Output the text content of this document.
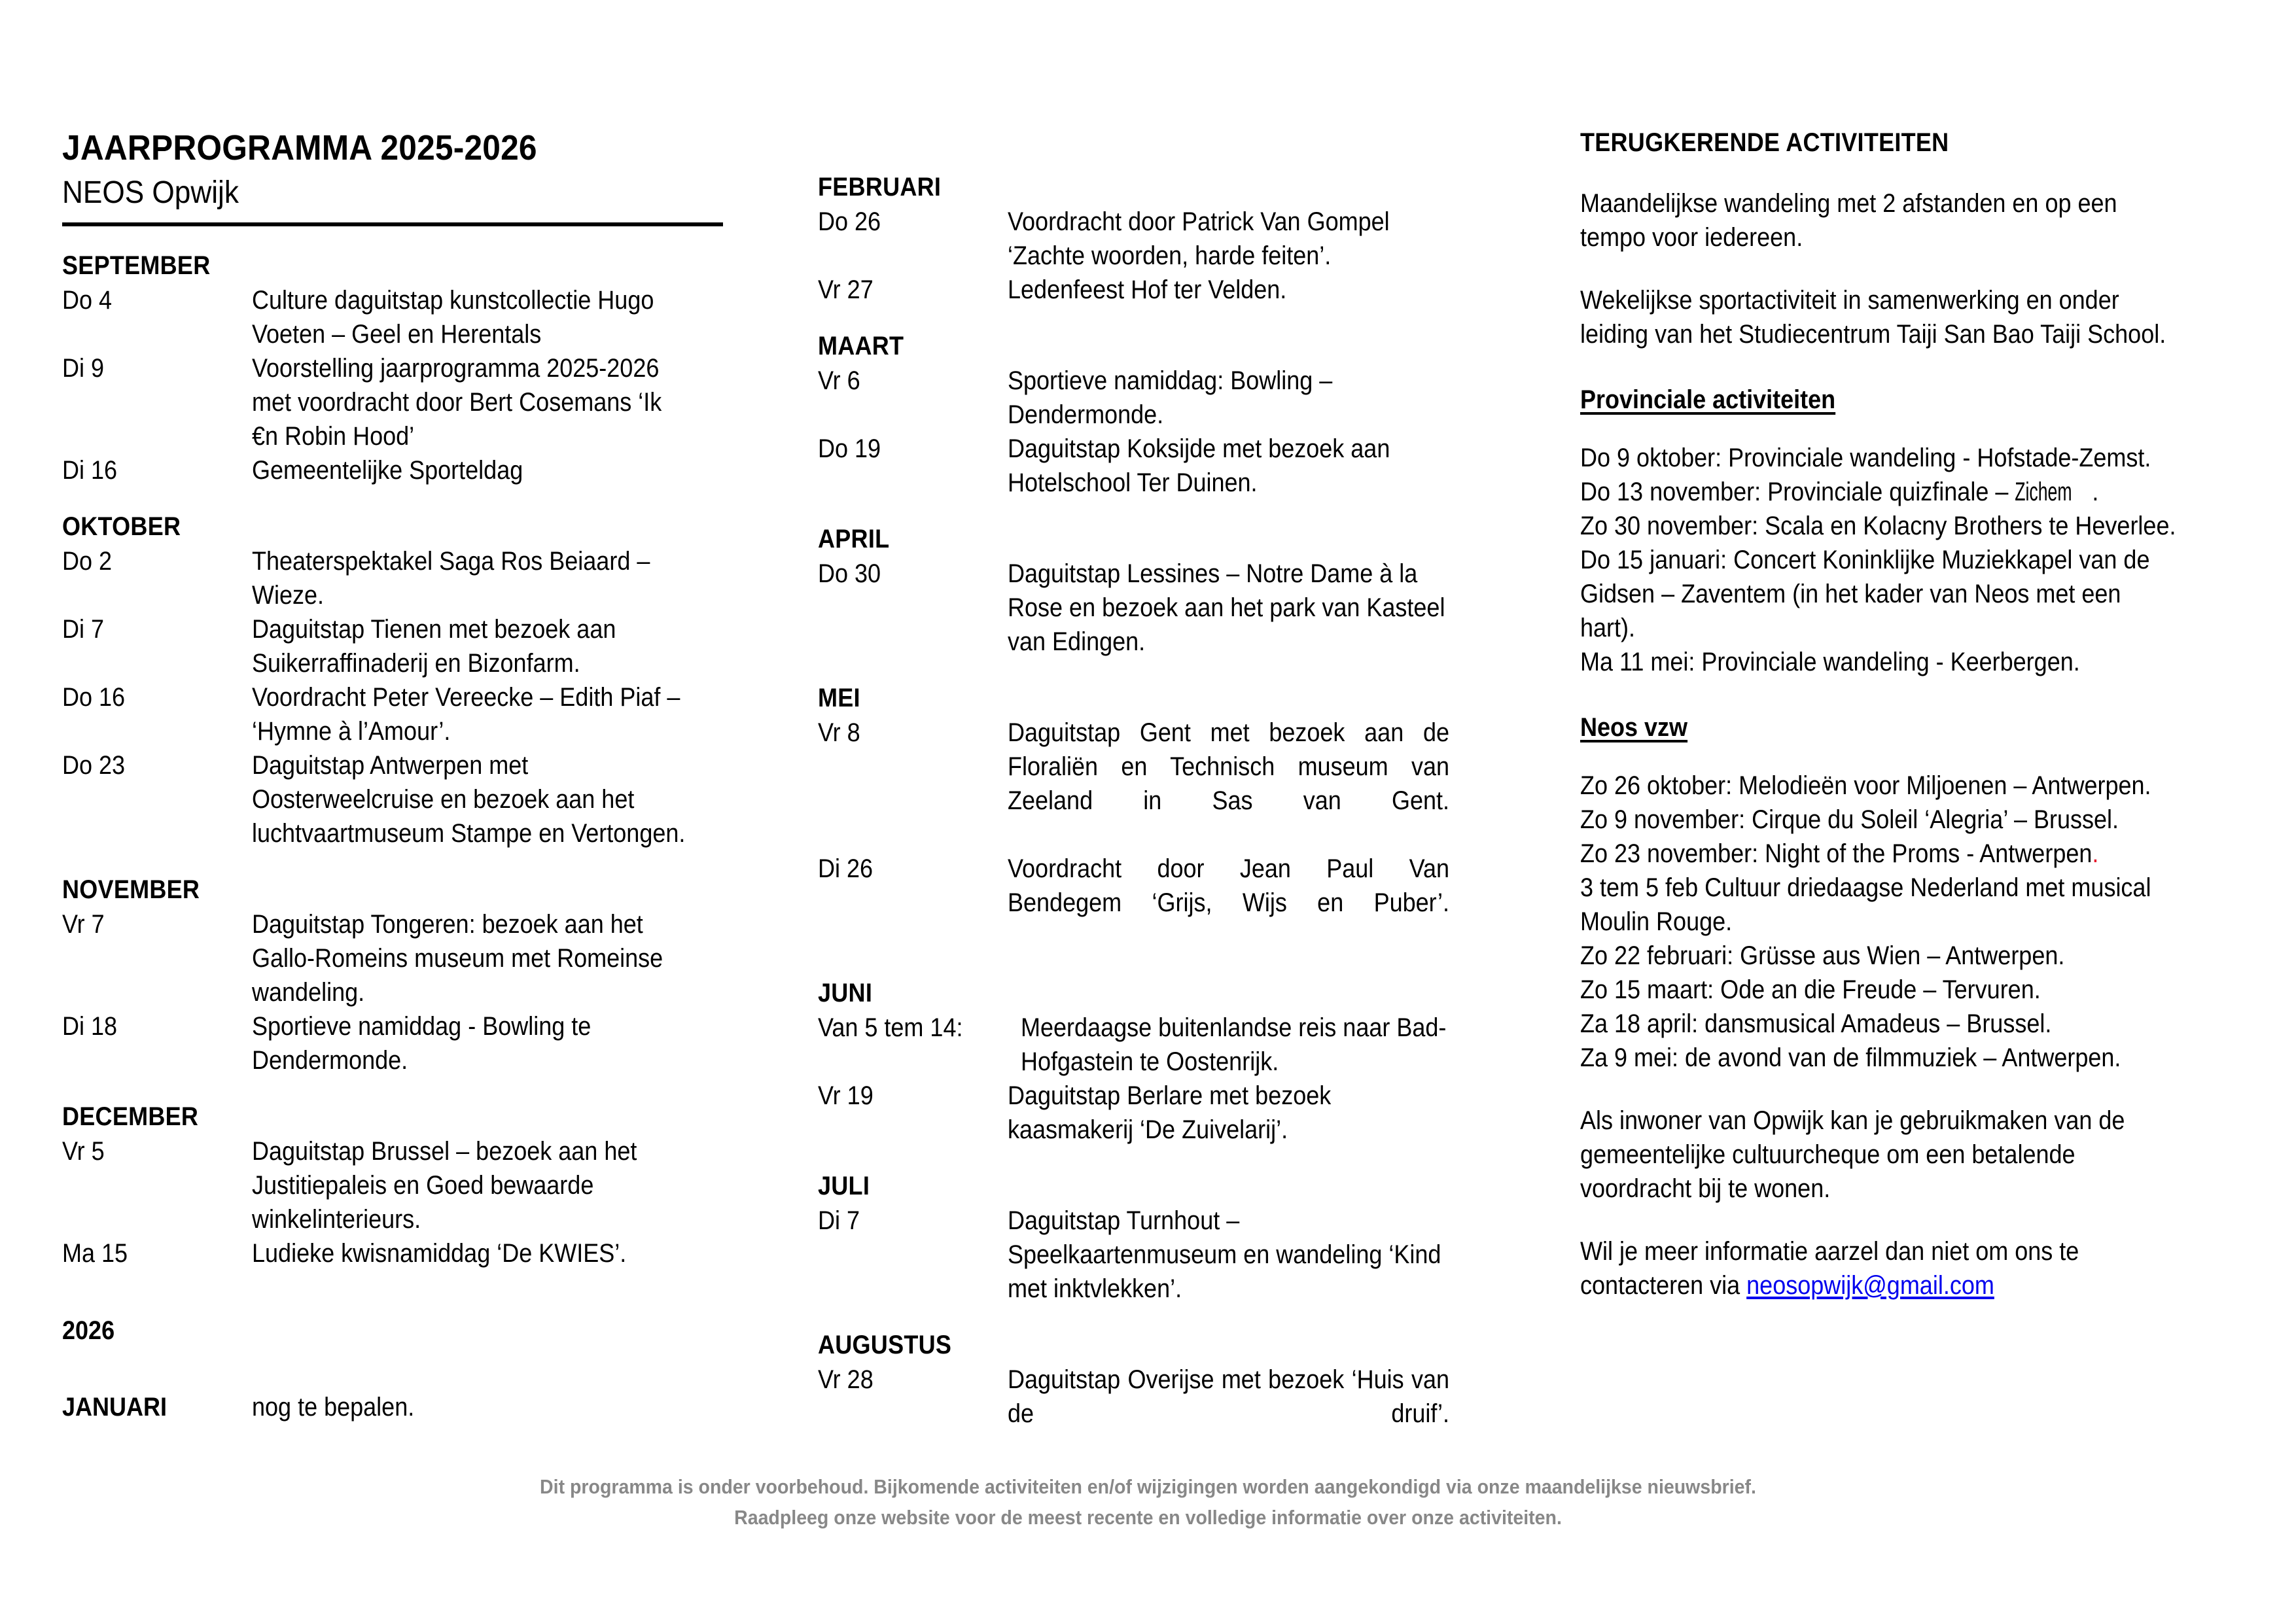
JAARPROGRAMMA 2025-2026
NEOS Opwijk
SEPTEMBER
Do 4	Culture daguitstap kunstcollectie Hugo Voeten – Geel en Herentals
Di 9	Voorstelling jaarprogramma 2025-2026 met voordracht door Bert Cosemans ‘Ik €n Robin Hood’
Di 16	Gemeentelijke Sporteldag
OKTOBER
Do 2	Theaterspektakel Saga Ros Beiaard – Wieze.
Di 7	Daguitstap Tienen met bezoek aan Suikerraffinaderij en Bizonfarm.
Do 16	Voordracht Peter Vereecke – Edith Piaf – ‘Hymne à l’Amour’.
Do 23	Daguitstap Antwerpen met Oosterweelcruise en bezoek aan het luchtvaartmuseum Stampe en Vertongen.
NOVEMBER
Vr 7	Daguitstap Tongeren: bezoek aan het Gallo-Romeins museum met Romeinse wandeling.
Di 18	Sportieve namiddag - Bowling te Dendermonde.
DECEMBER
Vr 5	Daguitstap Brussel – bezoek aan het Justitiepaleis en Goed bewaarde winkelinterieurs.
Ma 15	Ludieke kwisnamiddag ‘De KWIES’.
2026
JANUARI	nog te bepalen.
FEBRUARI
Do 26	Voordracht door Patrick Van Gompel ‘Zachte woorden, harde feiten’.
Vr 27	Ledenfeest Hof ter Velden.
MAART
Vr 6	Sportieve namiddag: Bowling – Dendermonde.
Do 19	Daguitstap Koksijde met bezoek aan Hotelschool Ter Duinen.
APRIL
Do 30	Daguitstap Lessines – Notre Dame à la Rose en bezoek aan het park van Kasteel van Edingen.
MEI
Vr 8	Daguitstap Gent met bezoek aan de Floraliën en Technisch museum van Zeeland in Sas van Gent.
Di 26	Voordracht door Jean Paul Van Bendegem ‘Grijs, Wijs en Puber’.
JUNI
Van 5 tem 14:	Meerdaagse buitenlandse reis naar Bad-Hofgastein te Oostenrijk.
Vr 19	Daguitstap Berlare met bezoek kaasmakerij ‘De Zuivelarij’.
JULI
Di 7	Daguitstap Turnhout – Speelkaartenmuseum en wandeling ‘Kind met inktvlekken’.
AUGUSTUS
Vr 28	Daguitstap Overijse met bezoek ‘Huis van de druif’.
TERUGKERENDE ACTIVITEITEN
Maandelijkse wandeling met 2 afstanden en op een tempo voor iedereen.
Wekelijkse sportactiviteit in samenwerking en onder leiding van het Studiecentrum Taiji San Bao Taiji School.
Provinciale activiteiten

Do 9 oktober: Provinciale wandeling - Hofstade-Zemst.

Do 13 november: Provinciale quizfinale – Zichem .

Zo 30 november: Scala en Kolacny Brothers te Heverlee.

Do 15 januari: Concert Koninklijke Muziekkapel van de Gidsen – Zaventem (in het kader van Neos met een hart).

Ma 11 mei: Provinciale wandeling - Keerbergen.

Neos vzw

Zo 26 oktober: Melodieën voor Miljoenen – Antwerpen.

Zo 9 november: Cirque du Soleil ‘Alegria’ – Brussel.

Zo 23 november: Night of the Proms - Antwerpen.

3 tem 5 feb Cultuur driedaagse Nederland met musical Moulin Rouge.

Zo 22 februari: Grüsse aus Wien – Antwerpen.

Zo 15 maart: Ode an die Freude – Tervuren.

Za 18 april: dansmusical Amadeus – Brussel.

Za 9 mei: de avond van de filmmuziek – Antwerpen.

Als inwoner van Opwijk kan je gebruikmaken van de gemeentelijke cultuurcheque om een betalende voordracht bij te wonen.
Wil je meer informatie aarzel dan niet om ons te contacteren via neosopwijk@gmail.com
Dit programma is onder voorbehoud. Bijkomende activiteiten en/of wijzigingen worden aangekondigd via onze maandelijkse nieuwsbrief.
Raadpleeg onze website voor de meest recente en volledige informatie over onze activiteiten.
